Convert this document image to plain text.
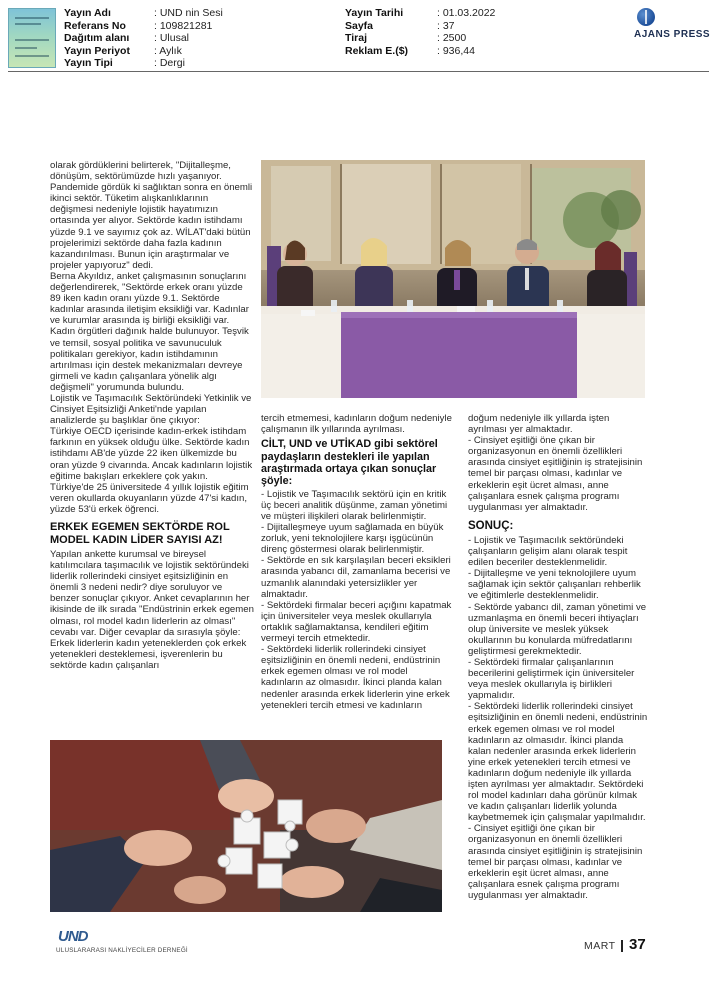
Yayın Adı	: UND nin Sesi
Referans No	: 109821281
Dağıtım alanı : Ulusal
Yayın Periyot : Aylık
Yayın Tipi	: Dergi
Yayın Tarihi	: 01.03.2022
Sayfa	: 37
Tiraj	: 2500
Reklam E.($)	: 936,44
AJANS PRESS

olarak gördüklerini belirterek, "Dijitalleşme, dönüşüm, sektörümüzde hızlı yaşanıyor. Pandemide gördük ki sağlıktan sonra en önemli ikinci sektör. Tüketim alışkanlıklarının değişmesi nedeniyle lojistik hayatımızın ortasında yer alıyor. Sektörde kadın istihdamı yüzde 9.1 ve sayımız çok az. WİLAT'daki bütün projelerimizi sektörde daha fazla kadının kazandırılması. Bunun için araştırmalar ve projeler yapıyoruz" dedi.

Berna Akyıldız, anket çalışmasının sonuçlarını değerlendirerek, "Sektörde erkek oranı yüzde 89 iken kadın oranı yüzde 9.1. Sektörde kadınlar arasında iletişim eksikliği var. Kadınlar ve kurumlar arasında iş birliği eksikliği var. Kadın örgütleri dağınık halde bulunuyor. Teşvik ve temsil, sosyal politika ve savunuculuk politikaları gerekiyor, kadın istihdamının artırılması için destek mekanizmaları devreye girmeli ve kadın çalışanlara yönelik algı değişmeli" yorumunda bulundu.

Lojistik ve Taşımacılık Sektöründeki Yetkinlik ve Cinsiyet Eşitsizliği Anketi'nde yapılan analizlerde şu başlıklar öne çıkıyor:

Türkiye OECD içerisinde kadın-erkek istihdam farkının en yüksek olduğu ülke. Sektörde kadın istihdamı AB'de yüzde 22 iken ülkemizde bu oran yüzde 9 civarında. Ancak kadınların lojistik eğitime bakışları erkeklere çok yakın. Türkiye'de 25 üniversitede 4 yıllık lojistik eğitim veren okullarda okuyanların yüzde 47'si kadın, yüzde 53'ü erkek öğrenci.

ERKEK EGEMEN SEKTÖRDE ROL MODEL KADIN LİDER SAYISI AZ!

Yapılan ankette kurumsal ve bireysel katılımcılara taşımacılık ve lojistik sektöründeki liderlik rollerindeki cinsiyet eşitsizliğinin en önemli 3 nedeni nedir? diye soruluyor ve benzer sonuçlar çıkıyor. Anket cevaplarının her ikisinde de ilk sırada "Endüstrinin erkek egemen olması, rol model kadın liderlerin az olması" cevabı var. Diğer cevaplar da sırasıyla şöyle: Erkek liderlerin kadın yeteneklerden çok erkek yetenekleri desteklemesi, işverenlerin bu sektörde kadın çalışanları

tercih etmemesi, kadınların doğum nedeniyle çalışmanın ilk yıllarında ayrılması.

CİLT, UND ve UTİKAD gibi sektörel paydaşların destekleri ile yapılan araştırmada ortaya çıkan sonuçlar şöyle:

- Lojistik ve Taşımacılık sektörü için en kritik üç beceri analitik düşünme, zaman yönetimi ve müşteri ilişkileri olarak belirlenmiştir.

- Dijitalleşmeye uyum sağlamada en büyük zorluk, yeni teknolojilere karşı işgücünün direnç göstermesi olarak belirlenmiştir.

- Sektörde en sık karşılaşılan beceri eksikleri arasında yabancı dil, zamanlama becerisi ve uzmanlık alanındaki yetersizlikler yer almaktadır.

- Sektördeki firmalar beceri açığını kapatmak için üniversiteler veya meslek okullarıyla ortaklık sağlamaktansa, kendileri eğitim vermeyi tercih etmektedir.

- Sektördeki liderlik rollerindeki cinsiyet eşitsizliğinin en önemli nedeni, endüstrinin erkek egemen olması ve rol model kadınların az olmasıdır. İkinci planda kalan nedenler arasında erkek liderlerin yine erkek yetenekleri tercih etmesi ve kadınların

doğum nedeniyle ilk yıllarda işten ayrılması yer almaktadır.

- Cinsiyet eşitliği öne çıkan bir organizasyonun en önemli özellikleri arasında cinsiyet eşitliğinin iş stratejisinin temel bir parçası olması, kadınlar ve erkeklerin eşit ücret alması, anne çalışanlara esnek çalışma programı uygulanması yer almaktadır.

SONUÇ:

- Lojistik ve Taşımacılık sektöründeki çalışanların gelişim alanı olarak tespit edilen beceriler desteklenmelidir.

- Dijitalleşme ve yeni teknolojilere uyum sağlamak için sektör çalışanları rehberlik ve eğitimlerle desteklenmelidir.

- Sektörde yabancı dil, zaman yönetimi ve uzmanlaşma en önemli beceri ihtiyaçları olup üniversite ve meslek yüksek okullarının bu konularda müfredatlarını geliştirmesi gerekmektedir.

- Sektördeki firmalar çalışanlarının becerilerini geliştirmek için üniversiteler veya meslek okullarıyla iş birlikleri yapmalıdır.

- Sektördeki liderlik rollerindeki cinsiyet eşitsizliğinin en önemli nedeni, endüstrinin erkek egemen olması ve rol model kadınların az olmasıdır. İkinci planda kalan nedenler arasında erkek liderlerin yine erkek yetenekleri tercih etmesi ve kadınların doğum nedeniyle ilk yıllarda işten ayrılması yer almaktadır. Sektördeki rol model kadınları daha görünür kılmak ve kadın çalışanları liderlik yolunda kaybetmemek için çalışmalar yapılmalıdır.

- Cinsiyet eşitliği öne çıkan bir organizasyonun en önemli özellikleri arasında cinsiyet eşitliğinin iş stratejisinin temel bir parçası olması, kadınlar ve erkeklerin eşit ücret alması, anne çalışanlara esnek çalışma programı uygulanması yer almaktadır.

UND
ULUSLARARASI NAKLİYECİLER DERNEĞİ	MART 37
